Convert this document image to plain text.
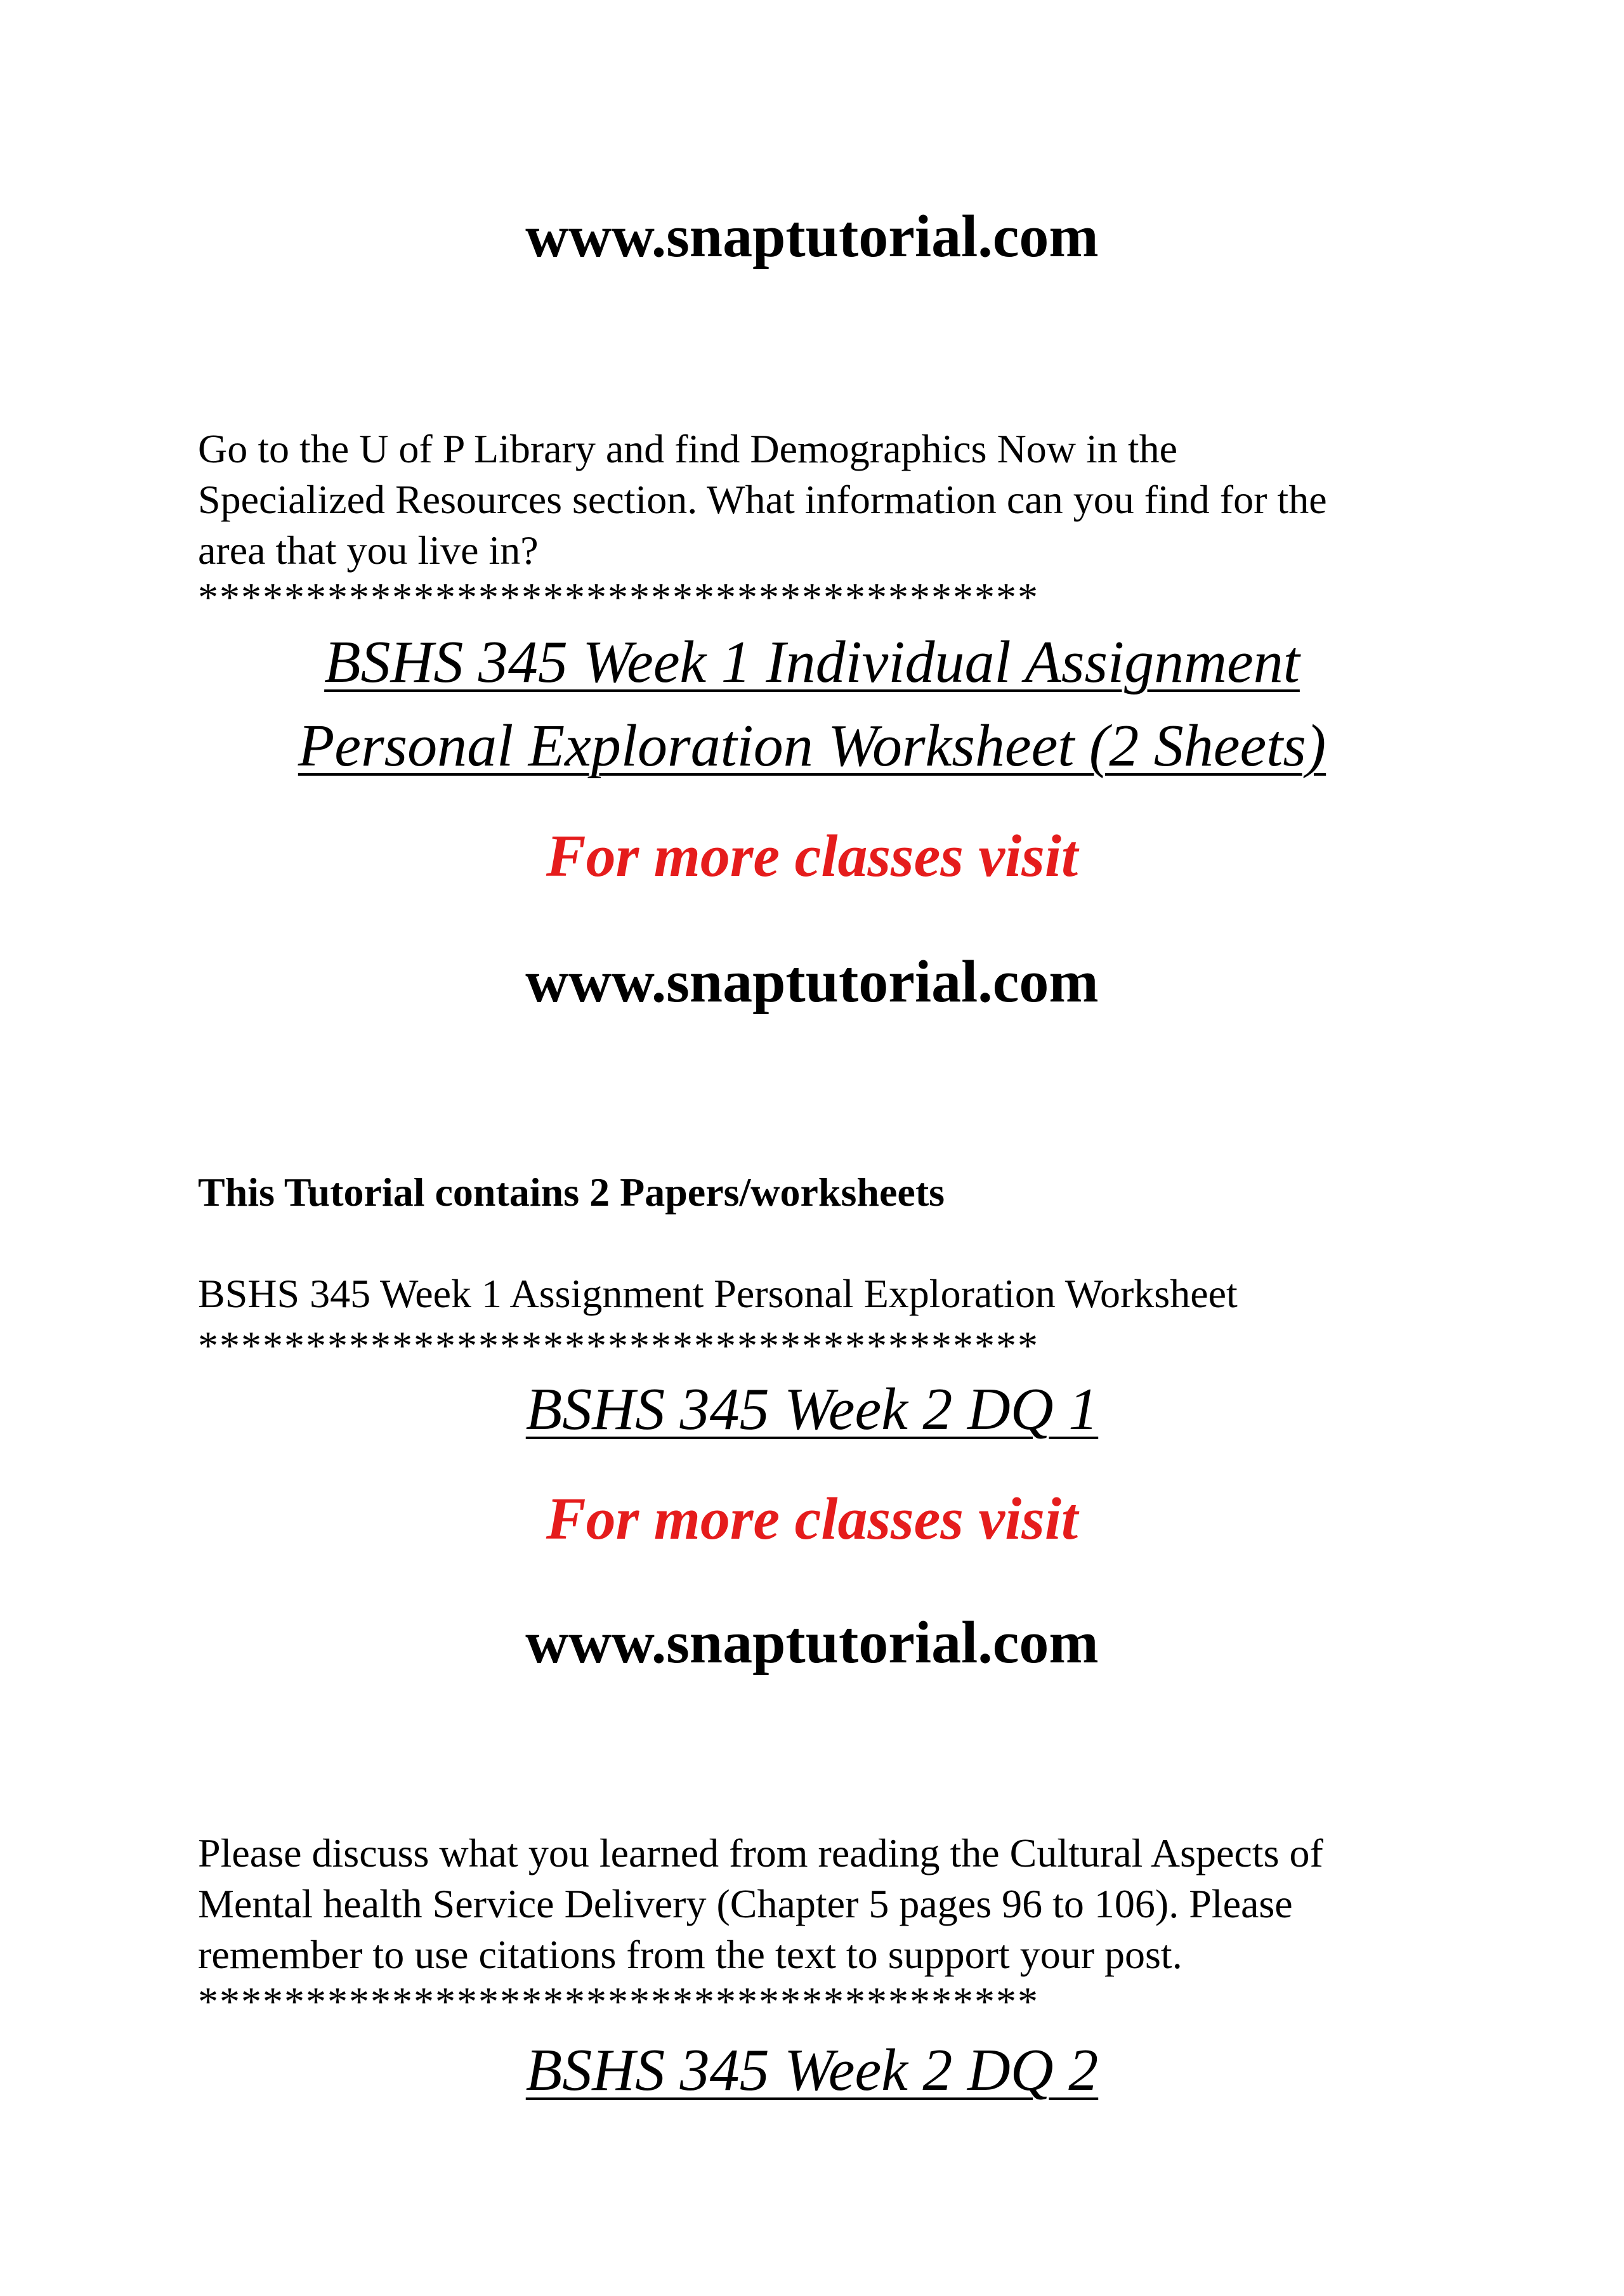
www.snaptutorial.com
Go to the U of P Library and find Demographics Now in the
Specialized Resources section. What information can you find for the
area that you live in?
***************************************
BSHS 345 Week 1 Individual Assignment
Personal Exploration Worksheet (2 Sheets)
For more classes visit
www.snaptutorial.com
This Tutorial contains 2 Papers/worksheets
BSHS 345 Week 1 Assignment Personal Exploration Worksheet
***************************************
BSHS 345 Week 2 DQ 1
For more classes visit
www.snaptutorial.com
Please discuss what you learned from reading the Cultural Aspects of
Mental health Service Delivery (Chapter 5 pages 96 to 106). Please
remember to use citations from the text to support your post.
***************************************
BSHS 345 Week 2 DQ 2
